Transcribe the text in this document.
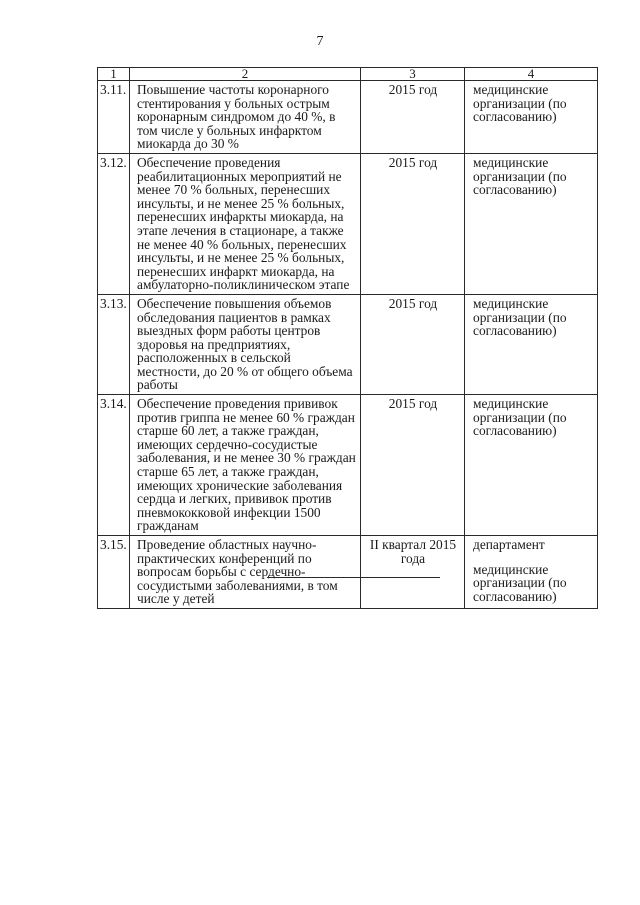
7
1	2	3	4
3.11.	Повышение частоты коронарного стентирования у больных острым коронарным синдромом до 40 %, в том числе у больных инфарктом миокарда до 30 %	2015 год	медицинские организации (по согласованию)

3.12.	Обеспечение проведения реабилитационных мероприятий не менее 70 % больных, перенесших инсульты, и не менее 25 % больных, перенесших инфаркты миокарда, на этапе лечения в стационаре, а также не менее 40 % больных, перенесших инсульты, и не менее 25 % больных, перенесших инфаркт миокарда, на амбулаторно-поликлиническом этапе	2015 год	медицинские организации (по согласованию)

3.13.	Обеспечение повышения объемов обследования пациентов в рамках выездных форм работы центров здоровья на предприятиях, расположенных в сельской местности, до 20 % от общего объема работы	2015 год	медицинские организации (по согласованию)

3.14.	Обеспечение проведения прививок против гриппа не менее 60 % граждан старше 60 лет, а также граждан, имеющих сердечно-сосудистые заболевания, и не менее 30 % граждан старше 65 лет, а также граждан, имеющих хронические заболевания сердца и легких, прививок против пневмококковой инфекции 1500 гражданам	2015 год	медицинские организации (по согласованию)

3.15.	Проведение областных научно-практических конференций по вопросам борьбы с сердечно-сосудистыми заболеваниями, в том числе у детей	II квартал 2015 года	департамент
медицинские организации (по согласованию)
